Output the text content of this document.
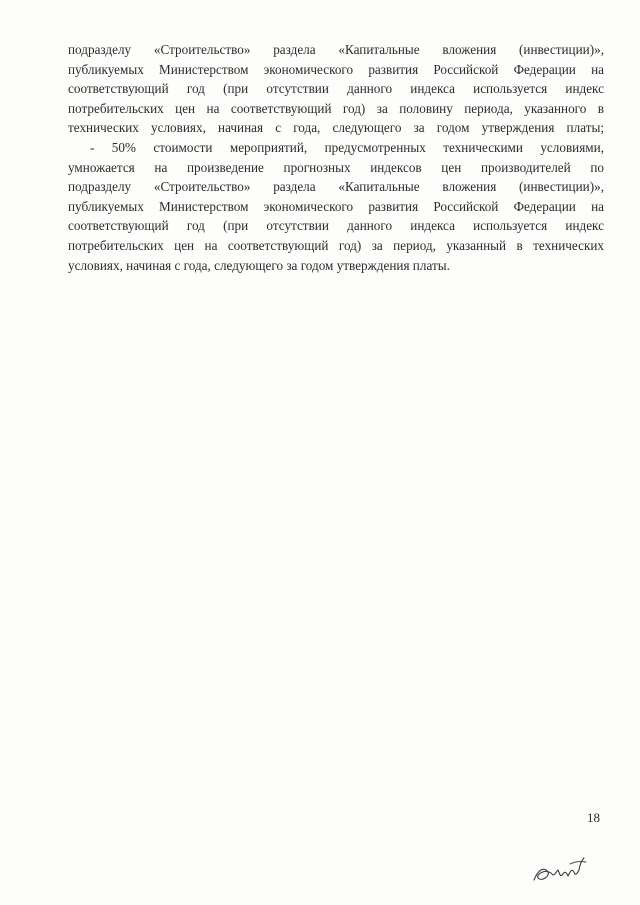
подразделу «Строительство» раздела «Капитальные вложения (инвестиции)»,
публикуемых Министерством экономического развития Российской Федерации на
соответствующий год (при отсутствии данного индекса используется индекс
потребительских цен на соответствующий год) за половину периода, указанного в
технических условиях, начиная с года, следующего за годом утверждения платы;
- 50% стоимости мероприятий, предусмотренных техническими условиями,
умножается на произведение прогнозных индексов цен производителей по
подразделу «Строительство» раздела «Капитальные вложения (инвестиции)»,
публикуемых Министерством экономического развития Российской Федерации на
соответствующий год (при отсутствии данного индекса используется индекс
потребительских цен на соответствующий год) за период, указанный в технических
условиях, начиная с года, следующего за годом утверждения платы.
18
